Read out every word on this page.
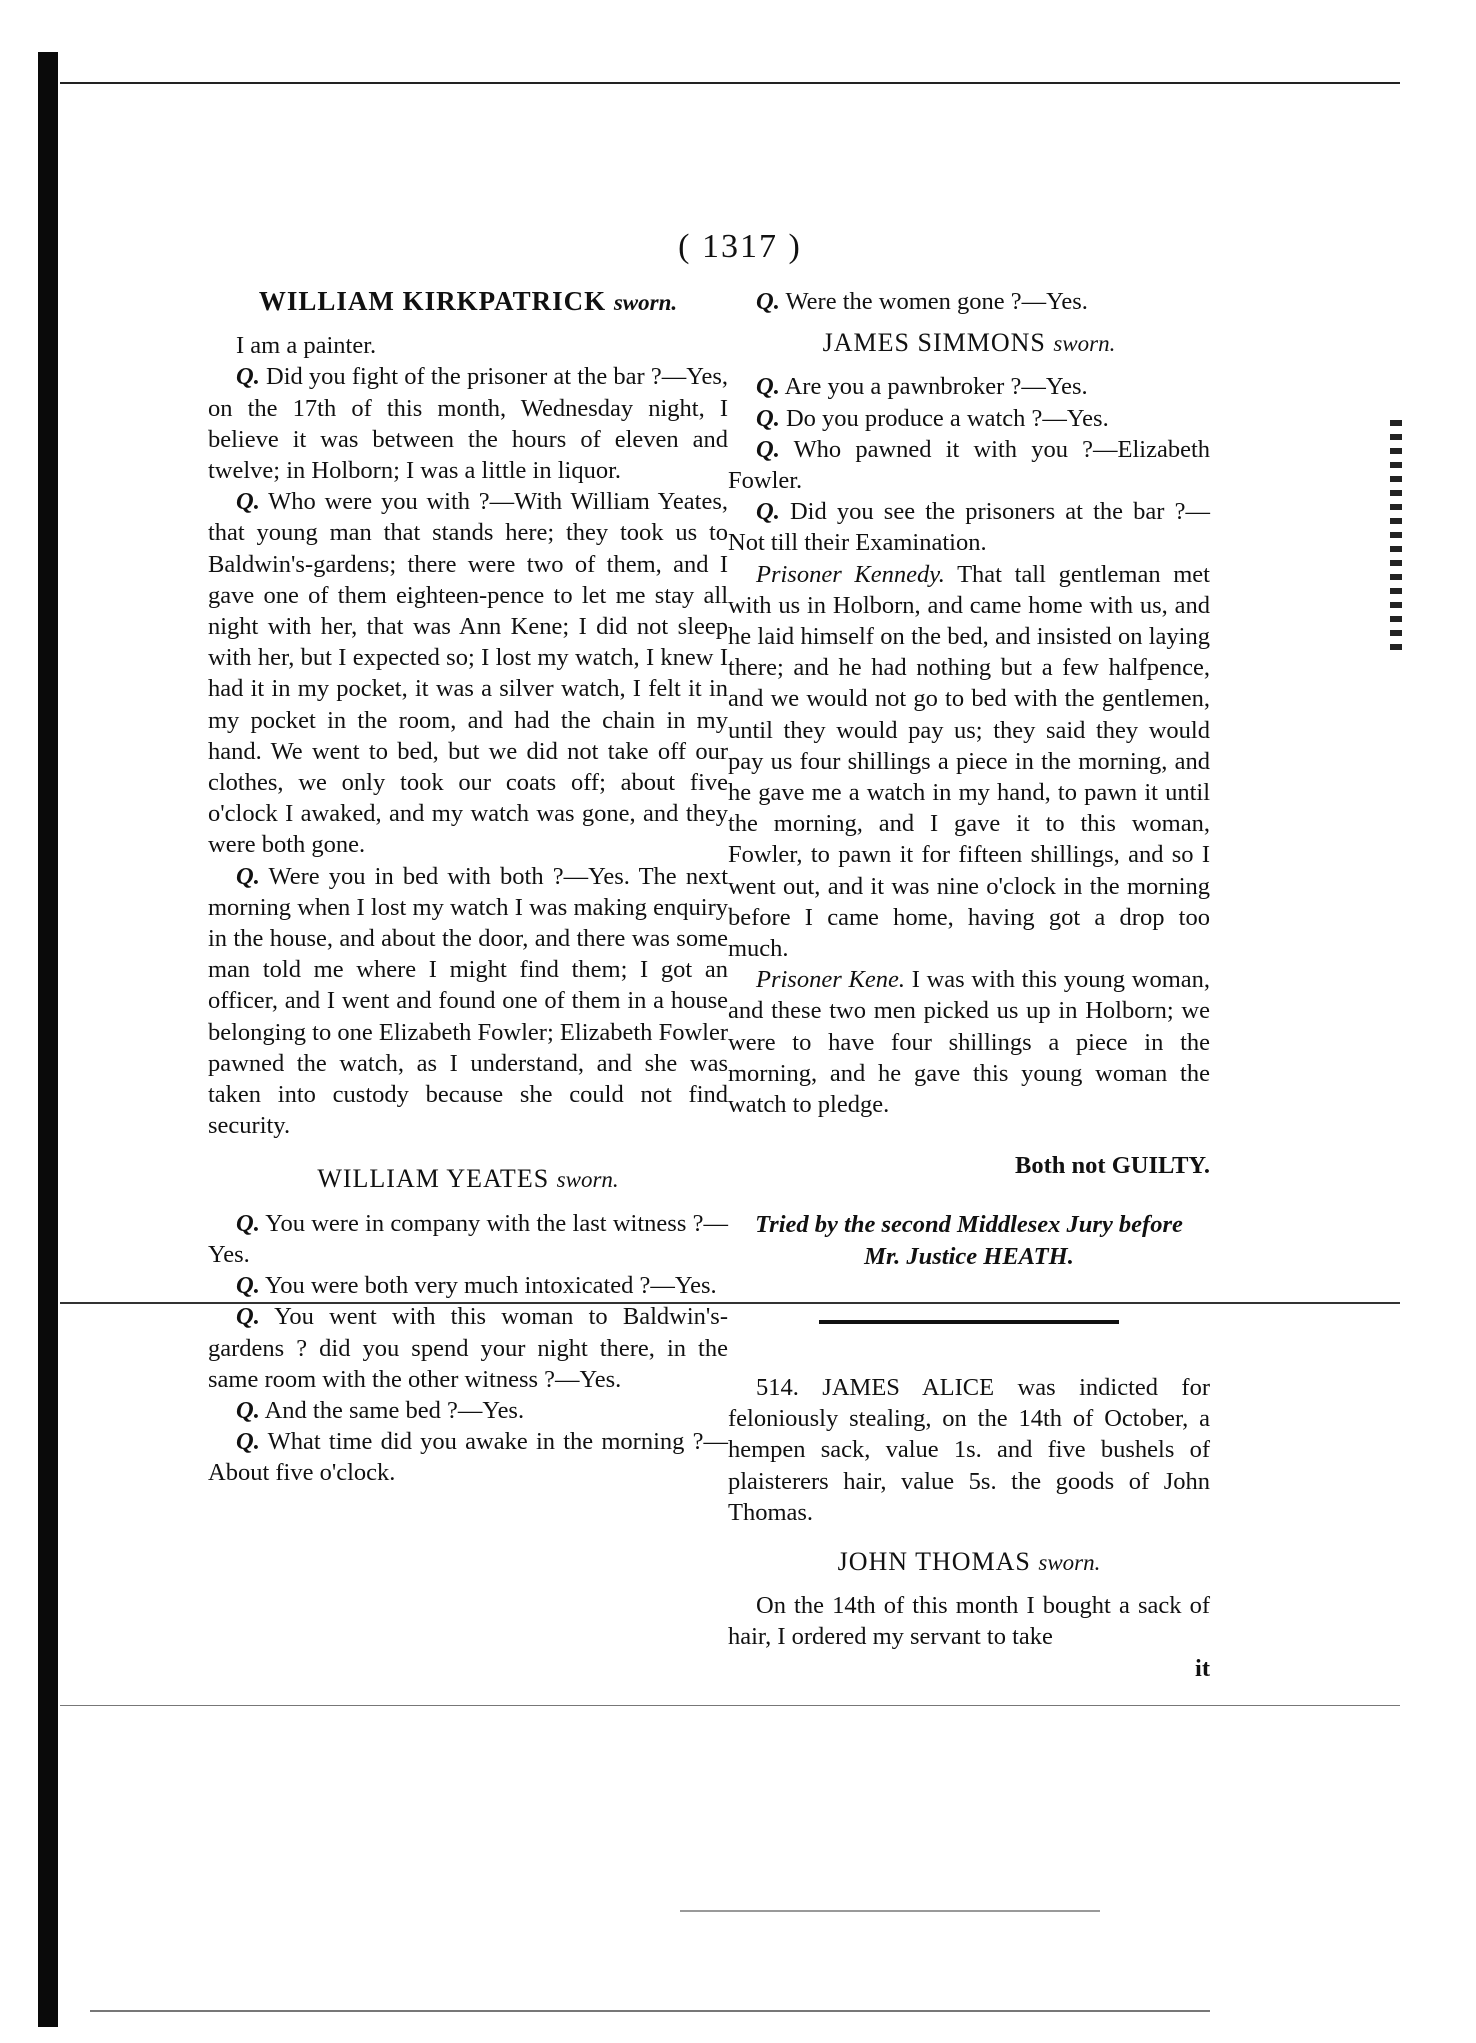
( 1317 )

WILLIAM KIRKPATRICK sworn.

I am a painter.

Q. Did you fight of the prisoner at the bar ?—Yes, on the 17th of this month, Wednesday night, I believe it was between the hours of eleven and twelve; in Holborn; I was a little in liquor.

Q. Who were you with ?—With William Yeates, that young man that stands here; they took us to Baldwin's-gardens; there were two of them, and I gave one of them eighteen-pence to let me stay all night with her, that was Ann Kene; I did not sleep with her, but I expected so; I lost my watch, I knew I had it in my pocket, it was a silver watch, I felt it in my pocket in the room, and had the chain in my hand. We went to bed, but we did not take off our clothes, we only took our coats off; about five o'clock I awaked, and my watch was gone, and they were both gone.

Q. Were you in bed with both ?—Yes. The next morning when I lost my watch I was making enquiry in the house, and about the door, and there was some man told me where I might find them; I got an officer, and I went and found one of them in a house belonging to one Elizabeth Fowler; Elizabeth Fowler pawned the watch, as I understand, and she was taken into custody because she could not find security.

WILLIAM YEATES sworn.

Q. You were in company with the last witness ?—Yes.

Q. You were both very much intoxicated ?—Yes.

Q. You went with this woman to Baldwin's-gardens ? did you spend your night there, in the same room with the other witness ?—Yes.

Q. And the same bed ?—Yes.

Q. What time did you awake in the morning ?—About five o'clock.

Q. Were the women gone ?—Yes.

JAMES SIMMONS sworn.

Q. Are you a pawnbroker ?—Yes.

Q. Do you produce a watch ?—Yes.

Q. Who pawned it with you ?—Elizabeth Fowler.

Q. Did you see the prisoners at the bar ?—Not till their Examination.

Prisoner Kennedy. That tall gentleman met with us in Holborn, and came home with us, and he laid himself on the bed, and insisted on laying there; and he had nothing but a few halfpence, and we would not go to bed with the gentlemen, until they would pay us; they said they would pay us four shillings a piece in the morning, and he gave me a watch in my hand, to pawn it until the morning, and I gave it to this woman, Fowler, to pawn it for fifteen shillings, and so I went out, and it was nine o'clock in the morning before I came home, having got a drop too much.

Prisoner Kene. I was with this young woman, and these two men picked us up in Holborn; we were to have four shillings a piece in the morning, and he gave this young woman the watch to pledge.

Both not GUILTY.

Tried by the second Middlesex Jury before

Mr. Justice HEATH.

514. JAMES ALICE was indicted for feloniously stealing, on the 14th of October, a hempen sack, value 1s. and five bushels of plaisterers hair, value 5s. the goods of John Thomas.

JOHN THOMAS sworn.

On the 14th of this month I bought a sack of hair, I ordered my servant to take

it
